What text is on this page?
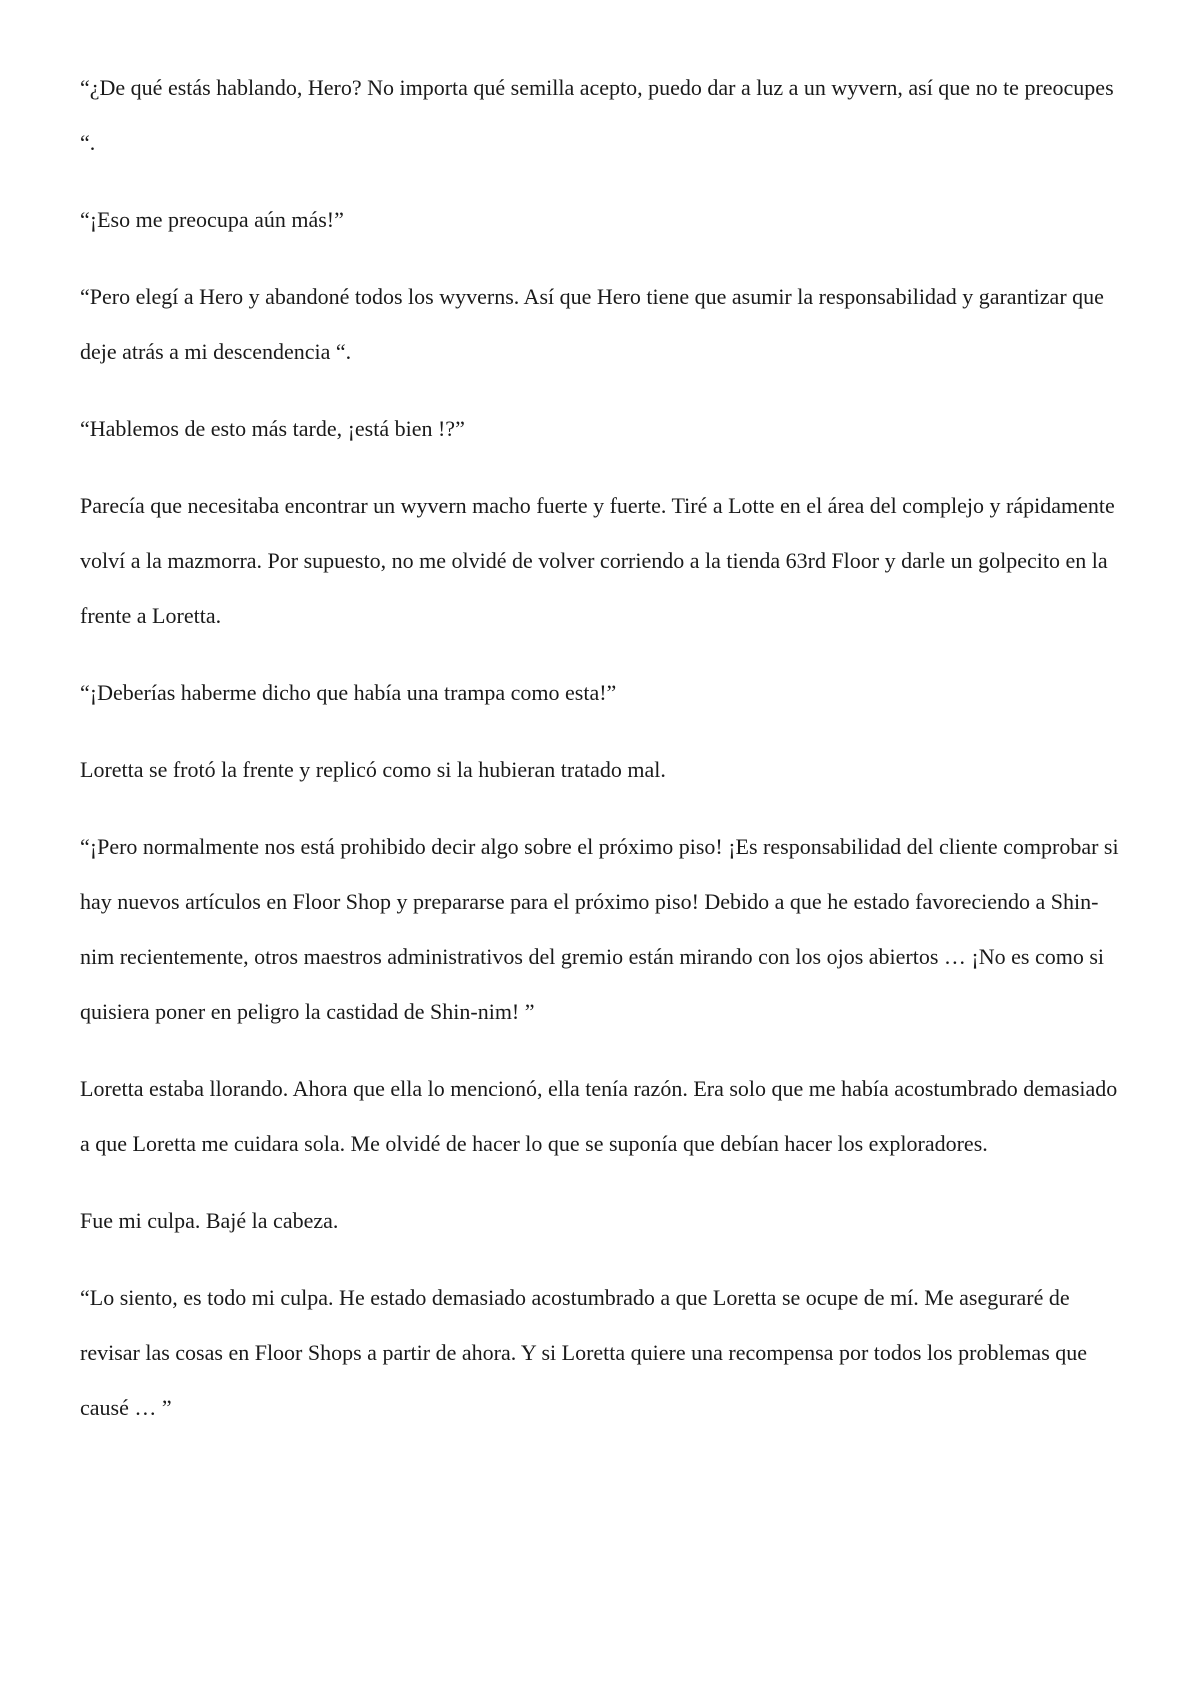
“¿De qué estás hablando, Hero? No importa qué semilla acepto, puedo dar a luz a un wyvern, así que no te preocupes “.

“¡Eso me preocupa aún más!”

“Pero elegí a Hero y abandoné todos los wyverns. Así que Hero tiene que asumir la responsabilidad y garantizar que deje atrás a mi descendencia “.

“Hablemos de esto más tarde, ¡está bien !?”

Parecía que necesitaba encontrar un wyvern macho fuerte y fuerte. Tiré a Lotte en el área del complejo y rápidamente volví a la mazmorra. Por supuesto, no me olvidé de volver corriendo a la tienda 63rd Floor y darle un golpecito en la frente a Loretta.

“¡Deberías haberme dicho que había una trampa como esta!”

Loretta se frotó la frente y replicó como si la hubieran tratado mal.

“¡Pero normalmente nos está prohibido decir algo sobre el próximo piso! ¡Es responsabilidad del cliente comprobar si hay nuevos artículos en Floor Shop y prepararse para el próximo piso! Debido a que he estado favoreciendo a Shin-nim recientemente, otros maestros administrativos del gremio están mirando con los ojos abiertos … ¡No es como si quisiera poner en peligro la castidad de Shin-nim! ”

Loretta estaba llorando. Ahora que ella lo mencionó, ella tenía razón. Era solo que me había acostumbrado demasiado a que Loretta me cuidara sola. Me olvidé de hacer lo que se suponía que debían hacer los exploradores.

Fue mi culpa. Bajé la cabeza.

“Lo siento, es todo mi culpa. He estado demasiado acostumbrado a que Loretta se ocupe de mí. Me aseguraré de revisar las cosas en Floor Shops a partir de ahora. Y si Loretta quiere una recompensa por todos los problemas que causé … ”
